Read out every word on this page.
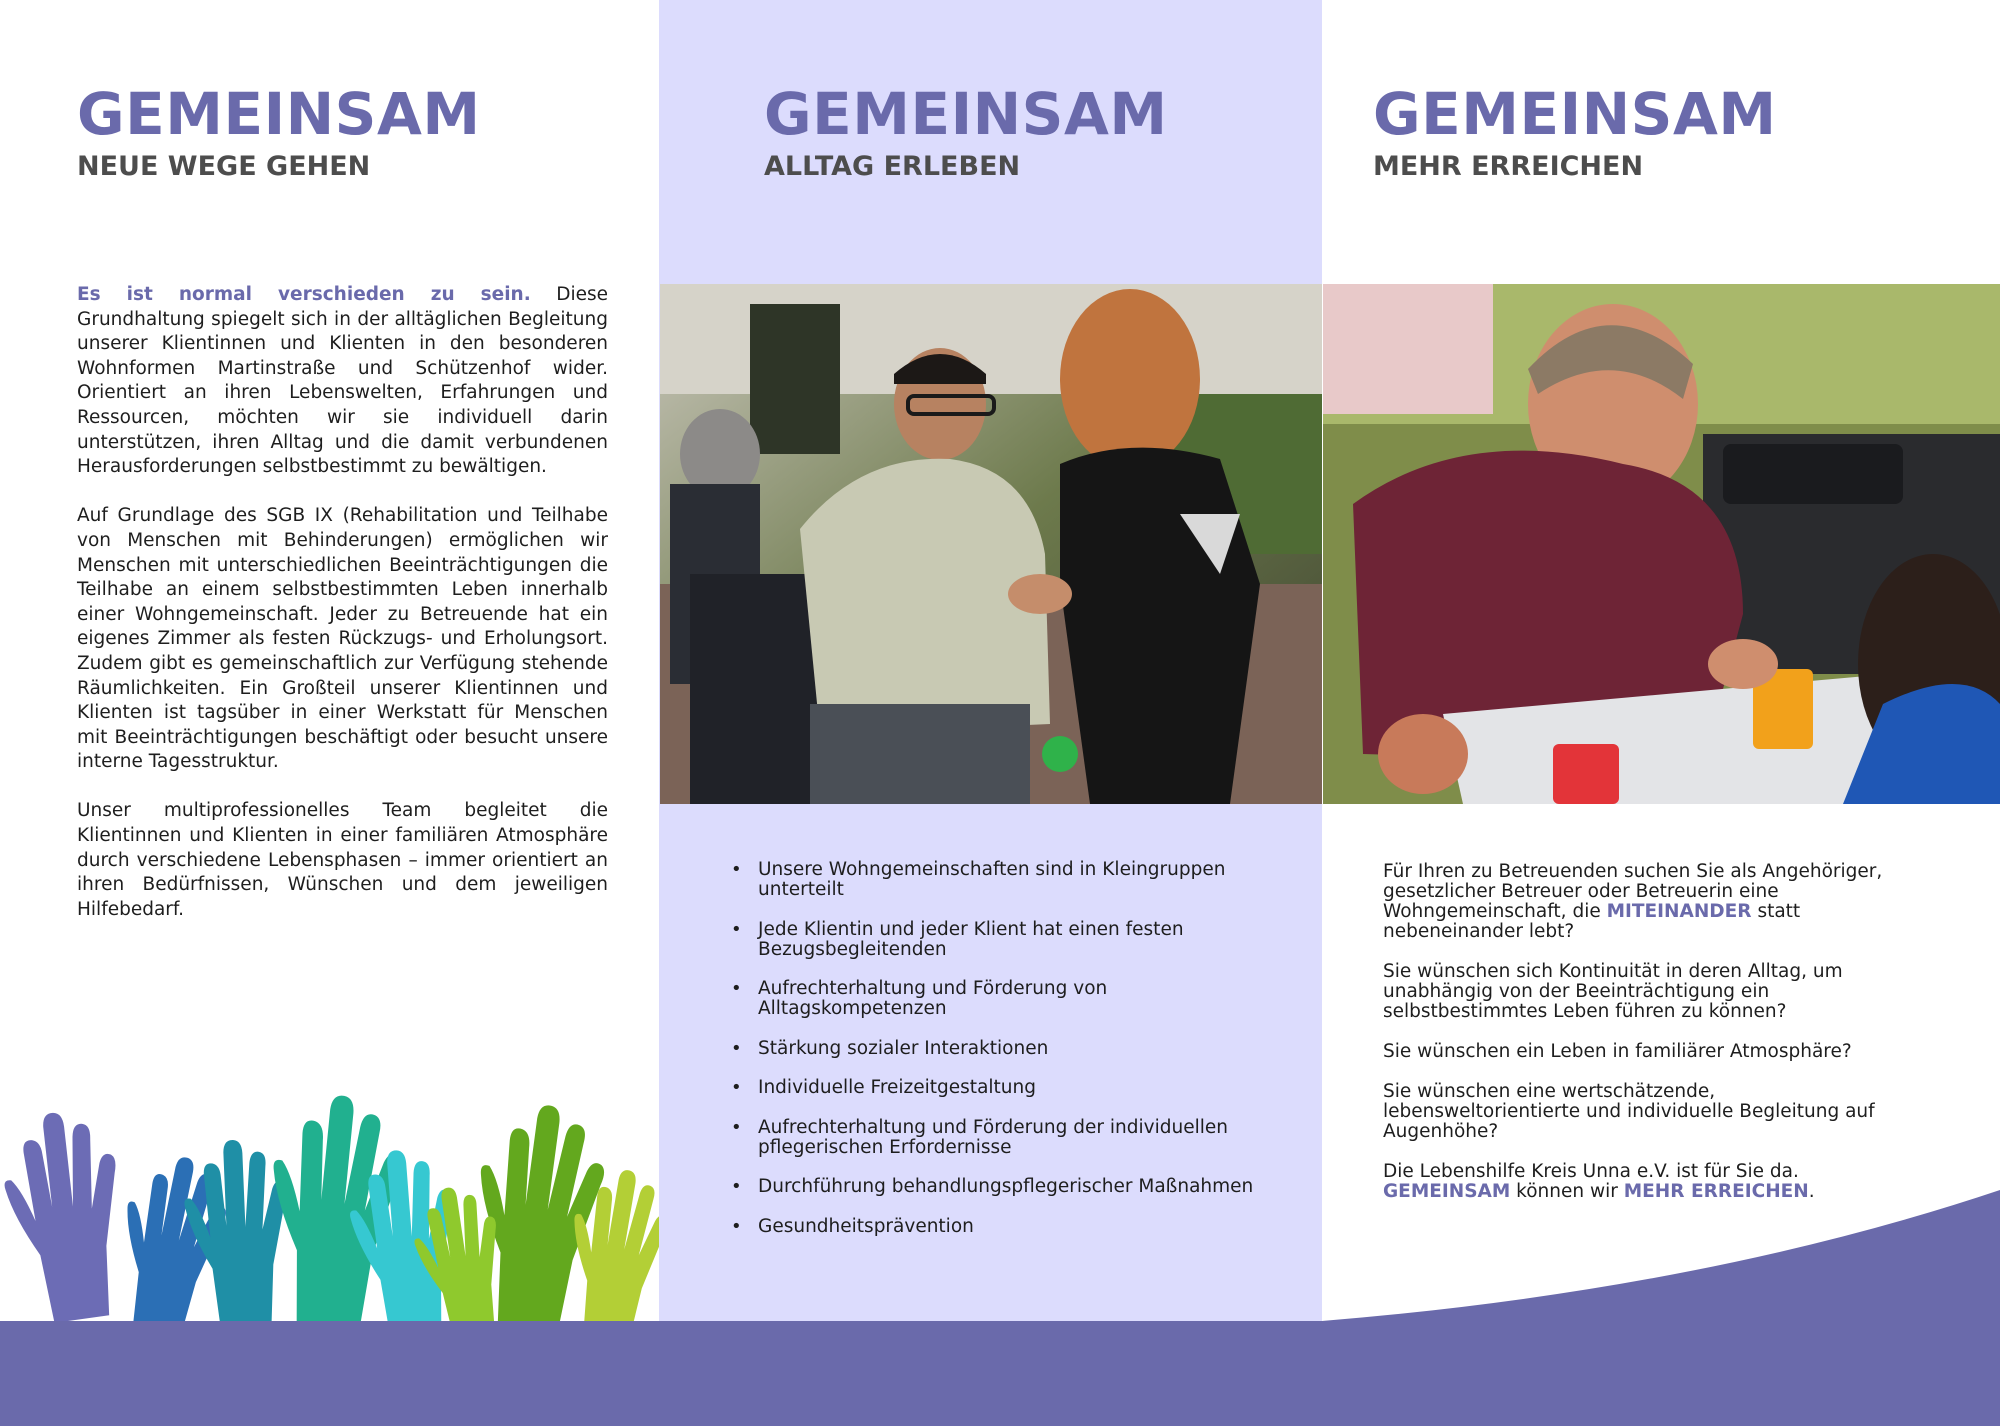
GEMEINSAM
NEUE WEGE GEHEN

Es ist normal verschieden zu sein. Diese Grundhaltung spiegelt sich in der alltäglichen Begleitung unserer Klientinnen und Klienten in den besonderen Wohnformen Martinstraße und Schützenhof wider. Orientiert an ihren Lebenswelten, Erfahrungen und Ressourcen, möchten wir sie individuell darin unterstützen, ihren Alltag und die damit verbundenen Herausforderungen selbstbestimmt zu bewältigen.

Auf Grundlage des SGB IX (Rehabilitation und Teilhabe von Menschen mit Behinderungen) ermöglichen wir Menschen mit unterschiedlichen Beeinträchtigungen die Teilhabe an einem selbstbestimmten Leben innerhalb einer Wohngemeinschaft. Jeder zu Betreuende hat ein eigenes Zimmer als festen Rückzugs- und Erholungsort. Zudem gibt es gemeinschaftlich zur Verfügung stehende Räumlichkeiten. Ein Großteil unserer Klientinnen und Klienten ist tagsüber in einer Werkstatt für Menschen mit Beeinträchtigungen beschäftigt oder besucht unsere interne Tagesstruktur.

Unser multiprofessionelles Team begleitet die Klientinnen und Klienten in einer familiären Atmosphäre durch verschiedene Lebensphasen – immer orientiert an ihren Bedürfnissen, Wünschen und dem jeweiligen Hilfebedarf.

GEMEINSAM
ALLTAG ERLEBEN
• Unsere Wohngemeinschaften sind in Kleingruppen unterteilt
• Jede Klientin und jeder Klient hat einen festen Bezugsbegleitenden
• Aufrechterhaltung und Förderung von Alltagskompetenzen
• Stärkung sozialer Interaktionen
• Individuelle Freizeitgestaltung
• Aufrechterhaltung und Förderung der individuellen pflegerischen Erfordernisse
• Durchführung behandlungspflegerischer Maßnahmen
• Gesundheitsprävention
GEMEINSAM
MEHR ERREICHEN

Für Ihren zu Betreuenden suchen Sie als Angehöriger, gesetzlicher Betreuer oder Betreuerin eine Wohngemeinschaft, die MITEINANDER statt nebeneinander lebt?

Sie wünschen sich Kontinuität in deren Alltag, um unabhängig von der Beeinträchtigung ein selbstbestimmtes Leben führen zu können?

Sie wünschen ein Leben in familiärer Atmosphäre?

Sie wünschen eine wertschätzende, lebensweltorientierte und individuelle Begleitung auf Augenhöhe?

Die Lebenshilfe Kreis Unna e.V. ist für Sie da.
GEMEINSAM können wir MEHR ERREICHEN.
